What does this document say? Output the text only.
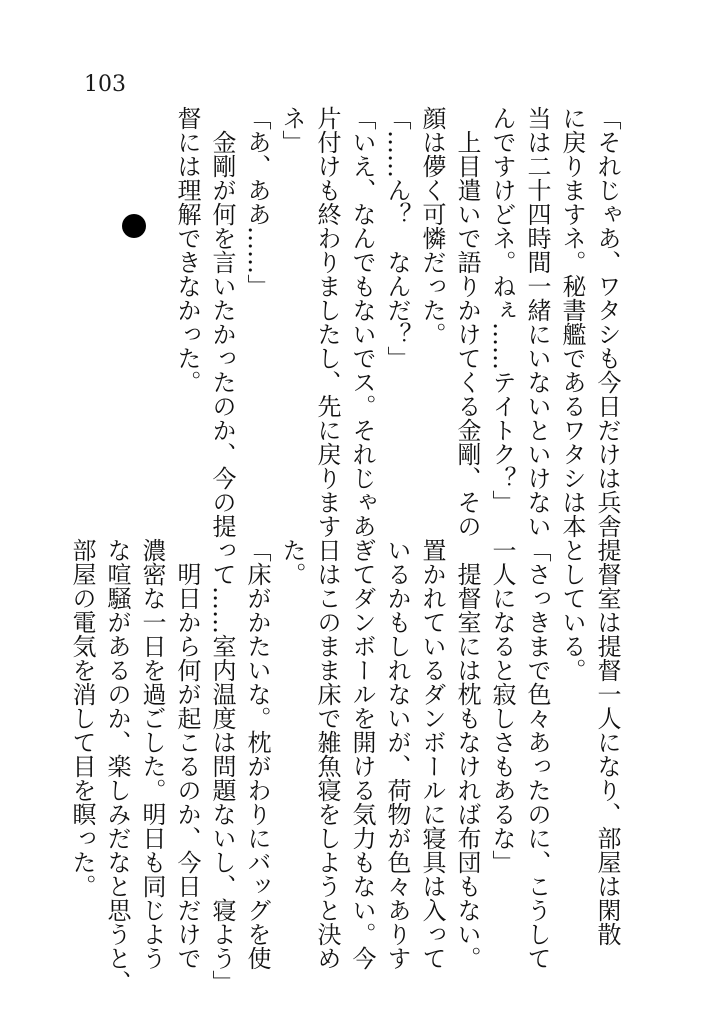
103
「それじゃあ、ワタシも今日だけは兵舎
に戻りますネ。秘書艦であるワタシは本
当は二十四時間一緒にいないといけない
んですけどネ。ねぇ……テイトク？」
　上目遣いで語りかけてくる金剛、その
顔は儚く可憐だった。
「……ん？　なんだ？」
「いえ、なんでもないでス。それじゃあ
片付けも終わりましたし、先に戻ります
ネ」
「あ、ああ……」
　金剛が何を言いたかったのか、今の提
督には理解できなかった。
提督室は提督一人になり、部屋は閑散
としている。
「さっきまで色々あったのに、こうして
一人になると寂しさもあるな」
　提督室には枕もなければ布団もない。
置かれているダンボールに寝具は入って
いるかもしれないが、荷物が色々ありす
ぎてダンボールを開ける気力もない。今
日はこのまま床で雑魚寝をしようと決め
た。
「床がかたいな。枕がわりにバッグを使
って……室内温度は問題ないし、寝よう」
　明日から何が起こるのか、今日だけで
濃密な一日を過ごした。明日も同じよう
な喧騒があるのか、楽しみだなと思うと、
部屋の電気を消して目を瞑った。
